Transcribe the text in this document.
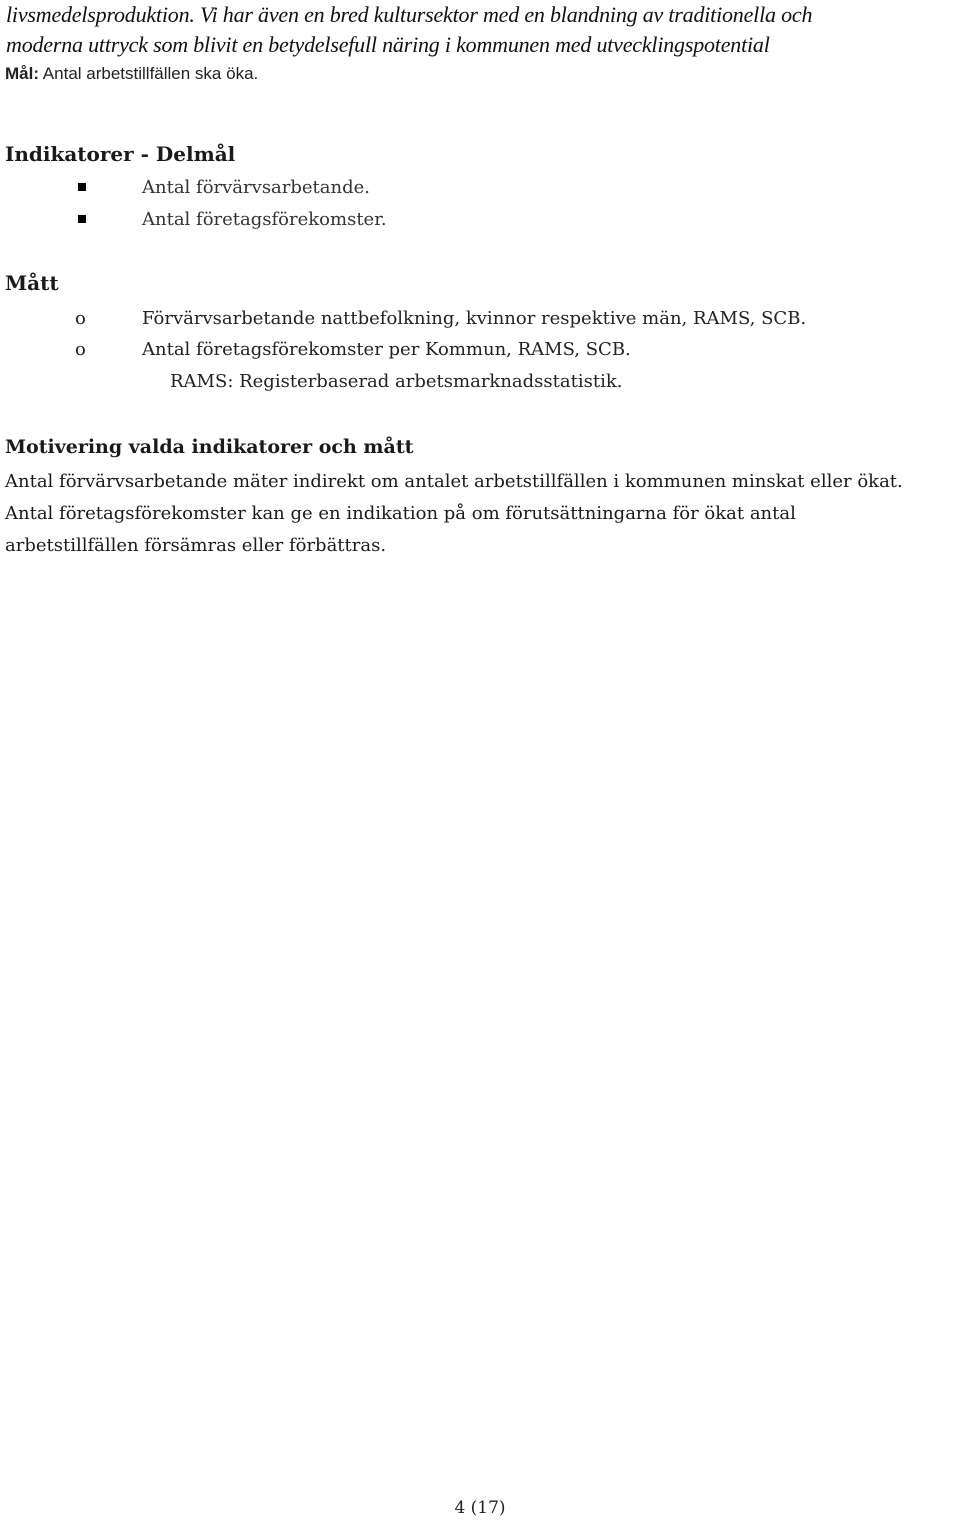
livsmedelsproduktion. Vi har även en bred kultursektor med en blandning av traditionella och
moderna uttryck som blivit en betydelsefull näring i kommunen med utvecklingspotential

Mål: Antal arbetstillfällen ska öka.

Indikatorer - Delmål
Antal förvärvsarbetande.
Antal företagsförekomster.
Mått
o	Förvärvsarbetande nattbefolkning, kvinnor respektive män, RAMS, SCB.
o	Antal företagsförekomster per Kommun, RAMS, SCB.

RAMS: Registerbaserad arbetsmarknadsstatistik.

Motivering valda indikatorer och mått

Antal förvärvsarbetande mäter indirekt om antalet arbetstillfällen i kommunen minskat eller ökat.

Antal företagsförekomster kan ge en indikation på om förutsättningarna för ökat antal

arbetstillfällen försämras eller förbättras.

4 (17)
